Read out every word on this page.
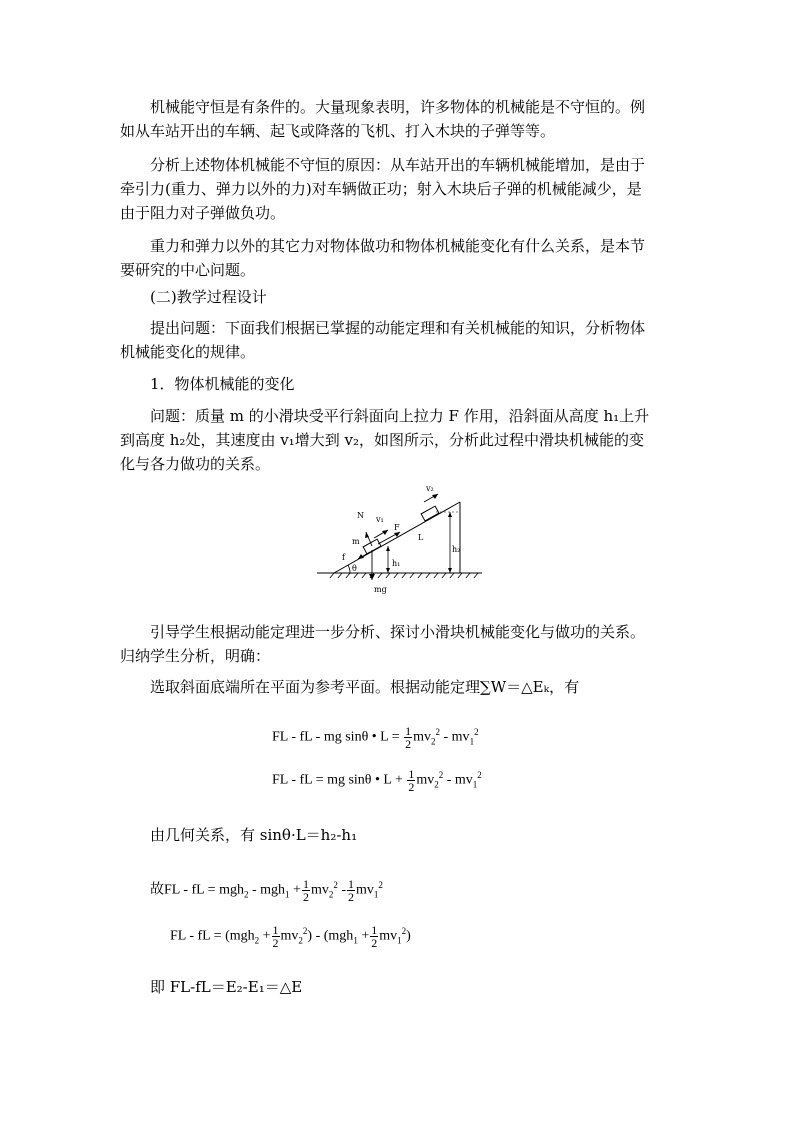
机械能守恒是有条件的。大量现象表明，许多物体的机械能是不守恒的。例
如从车站开出的车辆、起飞或降落的飞机、打入木块的子弹等等。

分析上述物体机械能不守恒的原因：从车站开出的车辆机械能增加，是由于
牵引力(重力、弹力以外的力)对车辆做正功；射入木块后子弹的机械能减少，是
由于阻力对子弹做负功。

重力和弹力以外的其它力对物体做功和物体机械能变化有什么关系，是本节
要研究的中心问题。

(二)教学过程设计

提出问题：下面我们根据已掌握的动能定理和有关机械能的知识，分析物体
机械能变化的规律。

1．物体机械能的变化

问题：质量 m 的小滑块受平行斜面向上拉力 F 作用，沿斜面从高度 h₁上升
到高度 h₂处，其速度由 v₁增大到 v₂，如图所示，分析此过程中滑块机械能的变
化与各力做功的关系。

v₂
v₁
N
F
m
f
θ
L
h₁
h₂
mg

引导学生根据动能定理进一步分析、探讨小滑块机械能变化与做功的关系。
归纳学生分析，明确：

选取斜面底端所在平面为参考平面。根据动能定理∑W＝△Eₖ，有

FL - fL - mg sinθ • $L = \frac{1}{2} mv_2^2 - mv_1^2$
FL - fL = mg sinθ • $L + \frac{1}{2} mv_2^2 - mv_1^2$

由几何关系，有 sinθ·L＝h₂-h₁

故FL - fL = $mgh_2 - mgh_1 + \frac{1}{2} mv_2^2 - \frac{1}{2} mv_1^2$
FL - fL = $(mgh_2 + \frac{1}{2} mv_2^2) - (mgh_1 + \frac{1}{2} mv_1^2)$

即 FL-fL＝E₂-E₁＝△E
